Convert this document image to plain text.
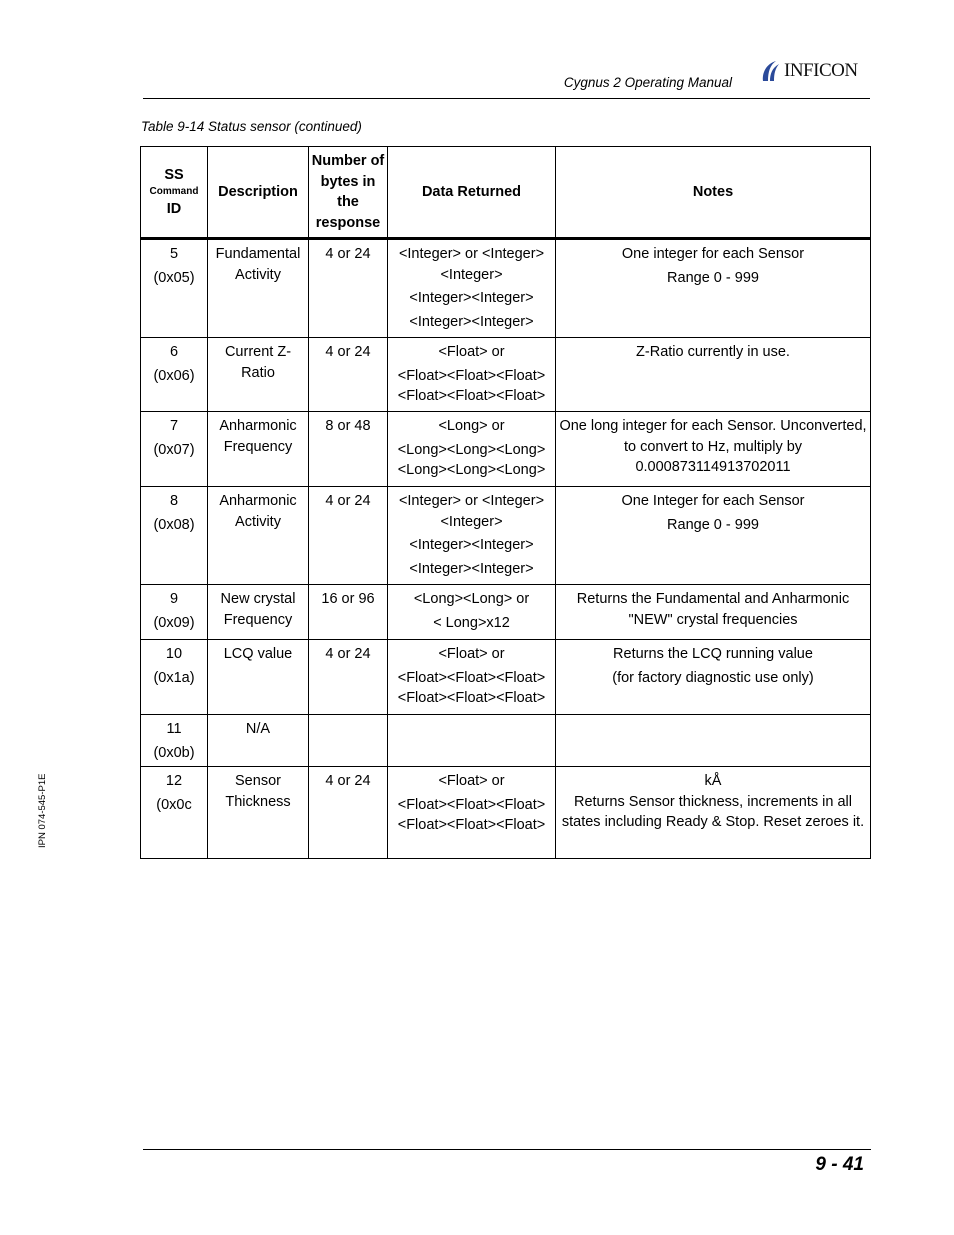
Cygnus 2 Operating Manual
INFICON
Table 9-14 Status sensor (continued)
SS
Command
ID	Description	Number of bytes in the response	Data Returned	Notes

5
(0x05)	Fundamental Activity	4 or 24	<Integer> or <Integer><Integer>
<Integer><Integer>
<Integer><Integer>	One integer for each Sensor
Range 0 - 999

6
(0x06)	Current Z-Ratio	4 or 24	<Float> or
<Float><Float><Float> <Float><Float><Float>	Z-Ratio currently in use.

7
(0x07)	Anharmonic Frequency	8 or 48	<Long> or
<Long><Long><Long> <Long><Long><Long>	One long integer for each Sensor. Unconverted, to convert to Hz, multiply by 0.000873114913702011

8
(0x08)	Anharmonic Activity	4 or 24	<Integer> or <Integer><Integer>
<Integer><Integer>
<Integer><Integer>	One Integer for each Sensor
Range 0 - 999

9
(0x09)	New crystal Frequency	16 or 96	<Long><Long> or
< Long>x12	Returns the Fundamental and Anharmonic "NEW" crystal frequencies

10
(0x1a)	LCQ value	4 or 24	<Float> or
<Float><Float><Float> <Float><Float><Float>	Returns the LCQ running value
(for factory diagnostic use only)

11
(0x0b)	N/A		

12
(0x0c	Sensor Thickness	4 or 24	<Float> or
<Float><Float><Float> <Float><Float><Float>	kÅ
Returns Sensor thickness, increments in all states including Ready & Stop. Reset zeroes it.
IPN 074-545-P1E
9 - 41
